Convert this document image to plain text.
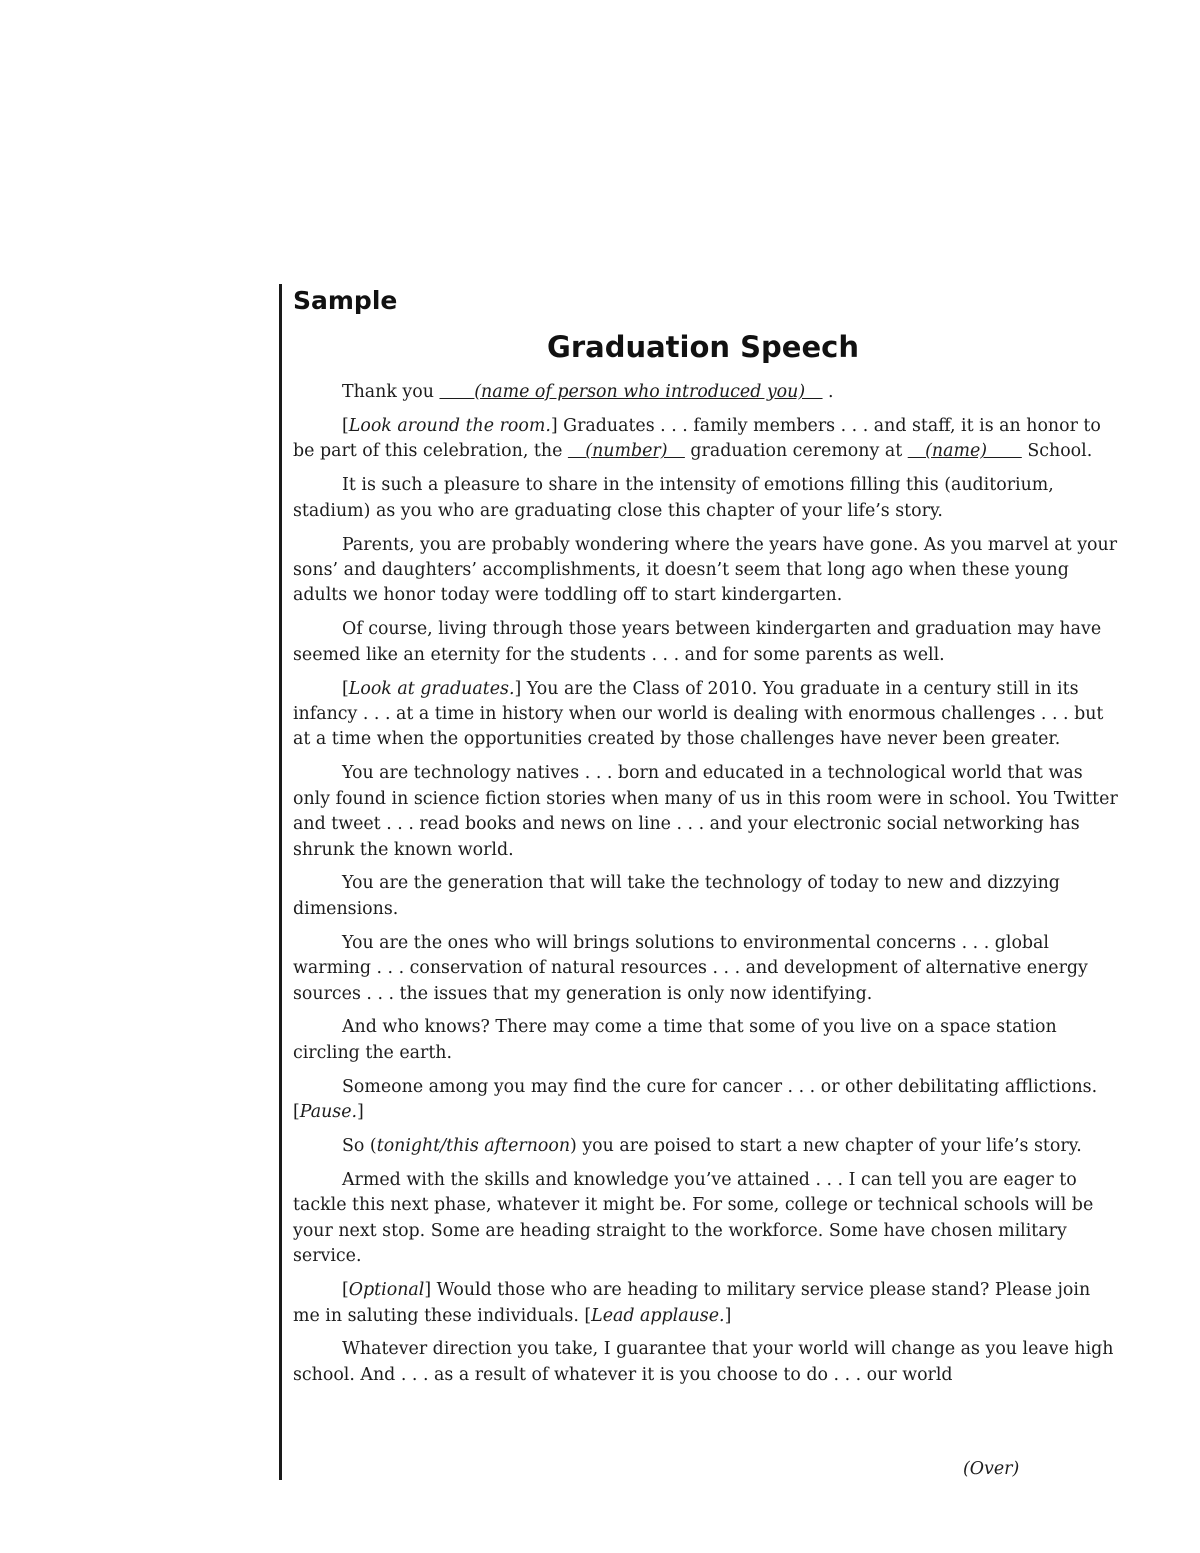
Sample
Graduation Speech

Thank you   (name of person who introduced you)  .

[Look around the room.] Graduates . . . family members . . . and staff, it is an honor to be part of this celebration, the  (number)  graduation ceremony at  (name)   School.

It is such a pleasure to share in the intensity of emotions filling this (auditorium, stadium) as you who are graduating close this chapter of your life’s story.

Parents, you are probably wondering where the years have gone. As you marvel at your sons’ and daughters’ accomplishments, it doesn’t seem that long ago when these young adults we honor today were toddling off to start kindergarten.

Of course, living through those years between kindergarten and graduation may have seemed like an eternity for the students . . . and for some parents as well.

[Look at graduates.] You are the Class of 2010. You graduate in a century still in its infancy . . . at a time in history when our world is dealing with enormous challenges . . . but at a time when the opportunities created by those challenges have never been greater.

You are technology natives . . . born and educated in a technological world that was only found in science fiction stories when many of us in this room were in school. You Twitter and tweet . . . read books and news on line . . . and your electronic social networking has shrunk the known world.

You are the generation that will take the technology of today to new and dizzying dimensions.

You are the ones who will brings solutions to environmental concerns . . . global warming . . . conservation of natural resources . . . and development of alternative energy sources . . . the issues that my generation is only now identifying.

And who knows? There may come a time that some of you live on a space station circling the earth.

Someone among you may find the cure for cancer . . . or other debilitating afflictions. [Pause.]

So (tonight/this afternoon) you are poised to start a new chapter of your life’s story.

Armed with the skills and knowledge you’ve attained . . . I can tell you are eager to tackle this next phase, whatever it might be. For some, college or technical schools will be your next stop. Some are heading straight to the workforce. Some have chosen military service.

[Optional] Would those who are heading to military service please stand? Please join me in saluting these individuals. [Lead applause.]

Whatever direction you take, I guarantee that your world will change as you leave high school. And . . . as a result of whatever it is you choose to do . . . our world

(Over)
